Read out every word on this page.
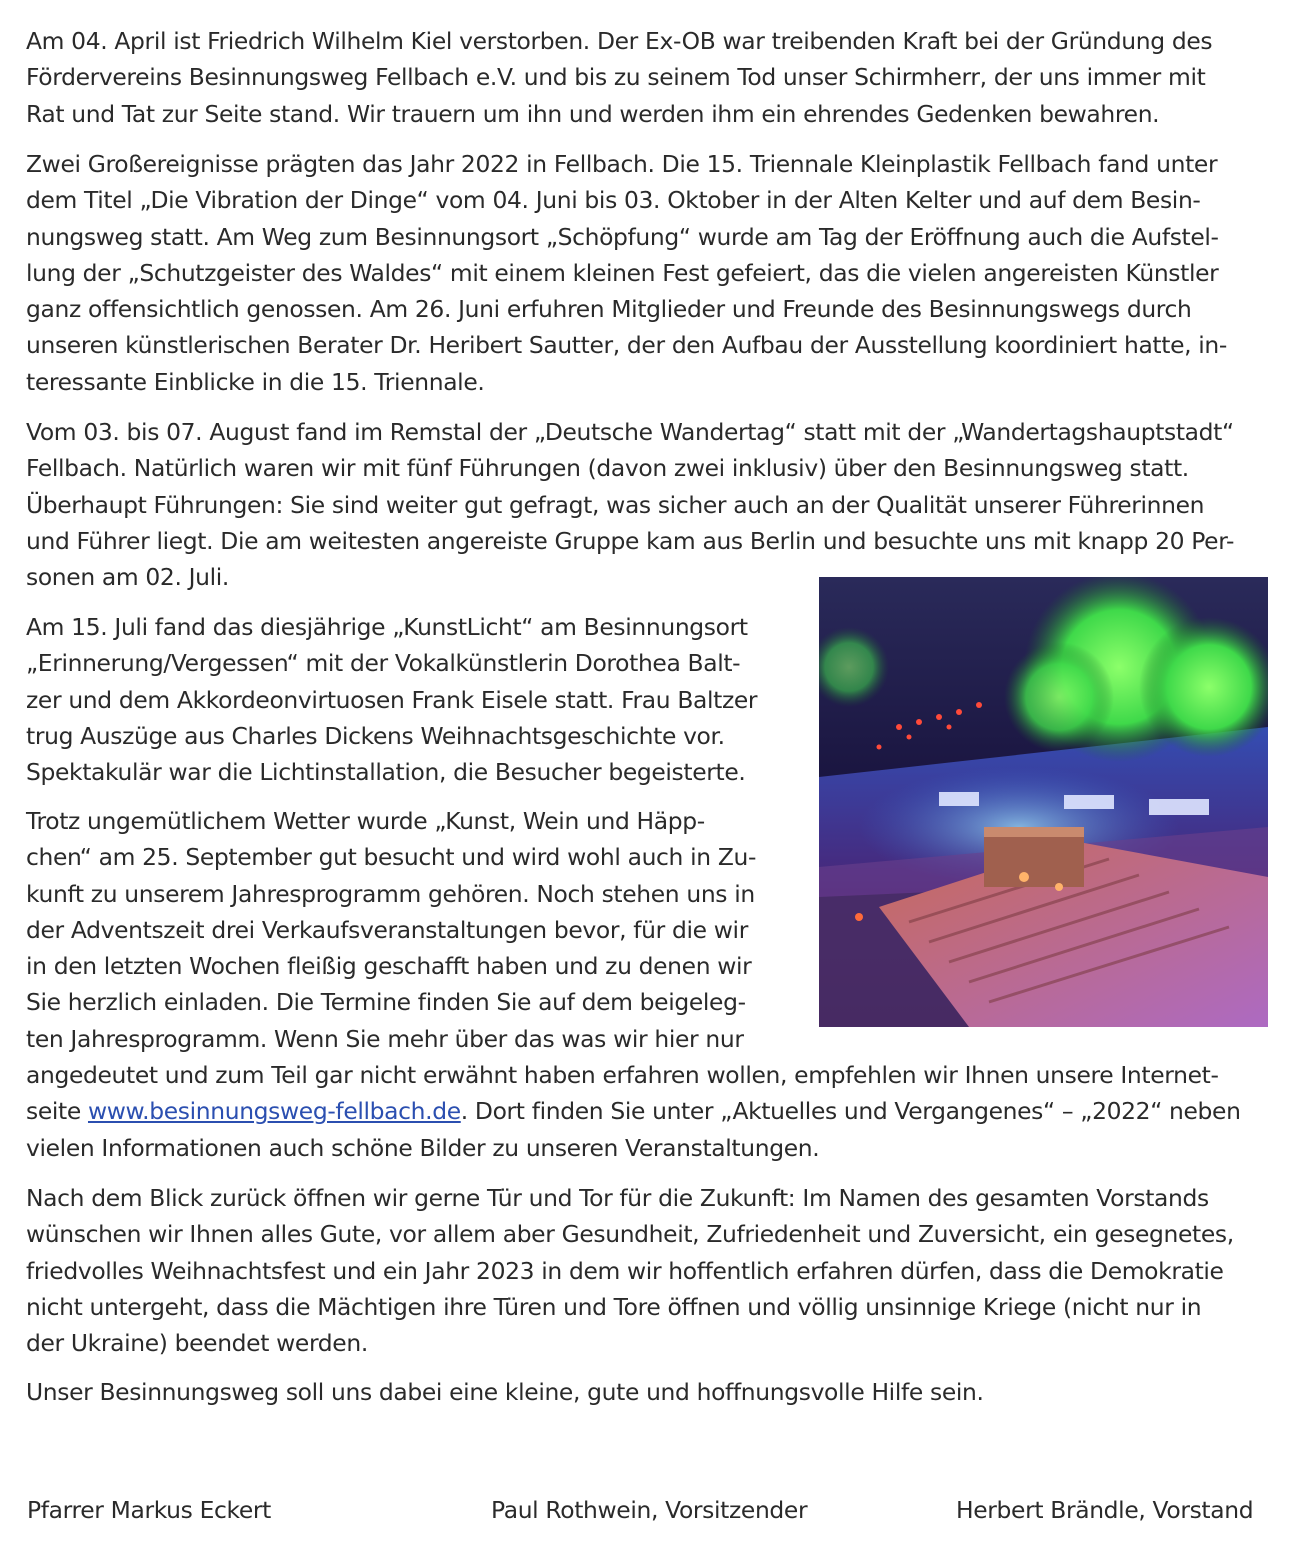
Am 04. April ist Friedrich Wilhelm Kiel verstorben. Der Ex-OB war treibenden Kraft bei der Gründung des
Fördervereins Besinnungsweg Fellbach e.V. und bis zu seinem Tod unser Schirmherr, der uns immer mit
Rat und Tat zur Seite stand. Wir trauern um ihn und werden ihm ein ehrendes Gedenken bewahren.

Zwei Großereignisse prägten das Jahr 2022 in Fellbach. Die 15. Triennale Kleinplastik Fellbach fand unter
dem Titel „Die Vibration der Dinge“ vom 04. Juni bis 03. Oktober in der Alten Kelter und auf dem Besin-
nungsweg statt. Am Weg zum Besinnungsort „Schöpfung“ wurde am Tag der Eröffnung auch die Aufstel-
lung der „Schutzgeister des Waldes“ mit einem kleinen Fest gefeiert, das die vielen angereisten Künstler
ganz offensichtlich genossen. Am 26. Juni erfuhren Mitglieder und Freunde des Besinnungswegs durch
unseren künstlerischen Berater Dr. Heribert Sautter, der den Aufbau der Ausstellung koordiniert hatte, in-
teressante Einblicke in die 15. Triennale.

Vom 03. bis 07. August fand im Remstal der „Deutsche Wandertag“ statt mit der „Wandertagshauptstadt“
Fellbach. Natürlich waren wir mit fünf Führungen (davon zwei inklusiv) über den Besinnungsweg statt.
Überhaupt Führungen: Sie sind weiter gut gefragt, was sicher auch an der Qualität unserer Führerinnen
und Führer liegt. Die am weitesten angereiste Gruppe kam aus Berlin und besuchte uns mit knapp 20 Per-
sonen am 02. Juli.

Am 15. Juli fand das diesjährige „KunstLicht“ am Besinnungsort
„Erinnerung/Vergessen“ mit der Vokalkünstlerin Dorothea Balt-
zer und dem Akkordeonvirtuosen Frank Eisele statt. Frau Baltzer
trug Auszüge aus Charles Dickens Weihnachtsgeschichte vor.
Spektakulär war die Lichtinstallation, die Besucher begeisterte.

Trotz ungemütlichem Wetter wurde „Kunst, Wein und Häpp-
chen“ am 25. September gut besucht und wird wohl auch in Zu-
kunft zu unserem Jahresprogramm gehören. Noch stehen uns in
der Adventszeit drei Verkaufsveranstaltungen bevor, für die wir
in den letzten Wochen fleißig geschafft haben und zu denen wir
Sie herzlich einladen. Die Termine finden Sie auf dem beigeleg-
ten Jahresprogramm. Wenn Sie mehr über das was wir hier nur
angedeutet und zum Teil gar nicht erwähnt haben erfahren wollen, empfehlen wir Ihnen unsere Internet-
seite www.besinnungsweg-fellbach.de. Dort finden Sie unter „Aktuelles und Vergangenes“ – „2022“ neben
vielen Informationen auch schöne Bilder zu unseren Veranstaltungen.

Nach dem Blick zurück öffnen wir gerne Tür und Tor für die Zukunft: Im Namen des gesamten Vorstands
wünschen wir Ihnen alles Gute, vor allem aber Gesundheit, Zufriedenheit und Zuversicht, ein gesegnetes,
friedvolles Weihnachtsfest und ein Jahr 2023 in dem wir hoffentlich erfahren dürfen, dass die Demokratie
nicht untergeht, dass die Mächtigen ihre Türen und Tore öffnen und völlig unsinnige Kriege (nicht nur in
der Ukraine) beendet werden.

Unser Besinnungsweg soll uns dabei eine kleine, gute und hoffnungsvolle Hilfe sein.

Pfarrer Markus Eckert	Paul Rothwein, Vorsitzender	Herbert Brändle, Vorstand
